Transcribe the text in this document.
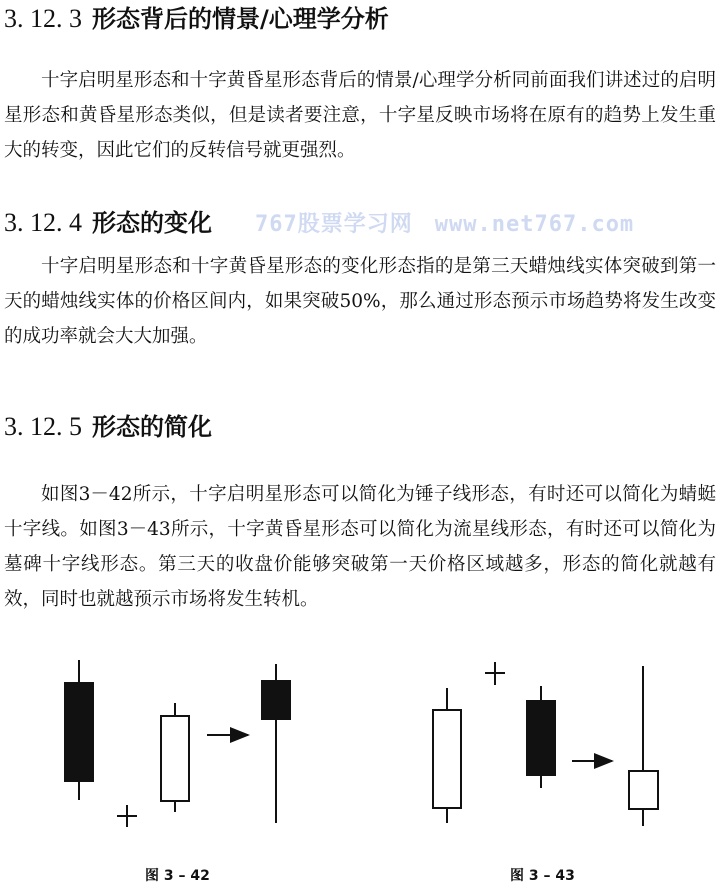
3. 12. 3 形态背后的情景/心理学分析

十字启明星形态和十字黄昏星形态背后的情景/心理学分析同前面我们讲述过的启明星形态和黄昏星形态类似，但是读者要注意，十字星反映市场将在原有的趋势上发生重大的转变，因此它们的反转信号就更强烈。

3. 12. 4 形态的变化 767股票学习网 www.net767.com

十字启明星形态和十字黄昏星形态的变化形态指的是第三天蜡烛线实体突破到第一天的蜡烛线实体的价格区间内，如果突破50%，那么通过形态预示市场趋势将发生改变的成功率就会大大加强。

3. 12. 5 形态的简化

如图3－42所示，十字启明星形态可以简化为锤子线形态，有时还可以简化为蜻蜓十字线。如图3－43所示，十字黄昏星形态可以简化为流星线形态，有时还可以简化为墓碑十字线形态。第三天的收盘价能够突破第一天价格区域越多，形态的简化就越有效，同时也就越预示市场将发生转机。

图 3 – 42	图 3 – 43
